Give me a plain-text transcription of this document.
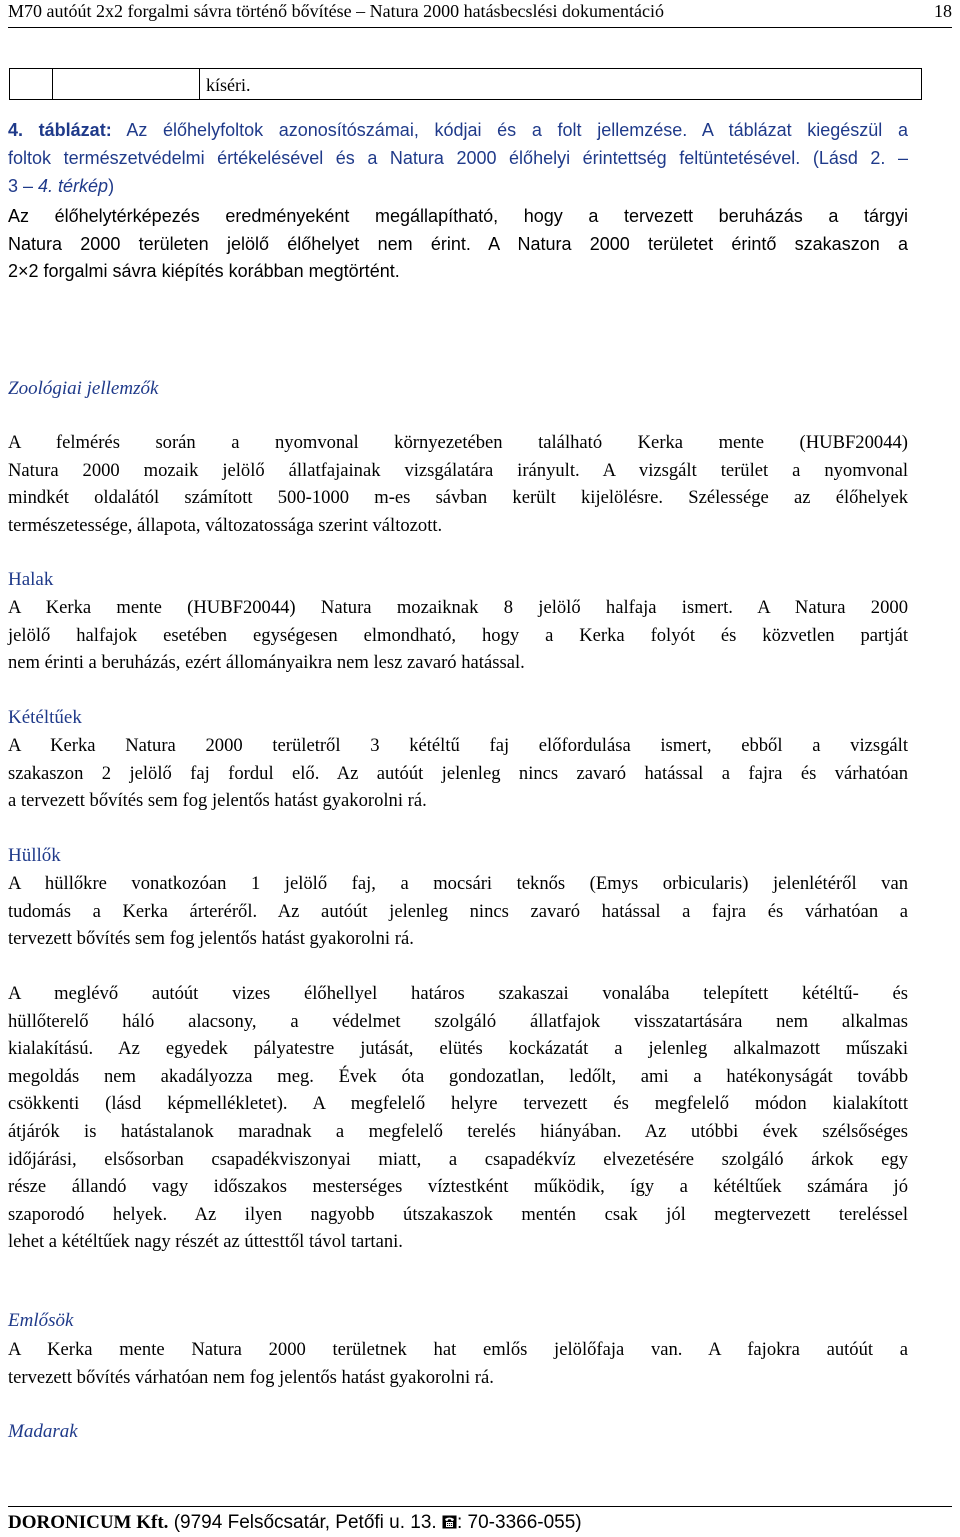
M70 autóút 2x2 forgalmi sávra történő bővítése – Natura 2000 hatásbecslési dokumentáció	18
		kíséri.
4. táblázat: Az élőhelyfoltok azonosítószámai, kódjai és a folt jellemzése. A táblázat kiegészül a
foltok természetvédelmi értékelésével és a Natura 2000 élőhelyi érintettség feltüntetésével. (Lásd 2. –
3 – 4. térkép)
Az élőhelytérképezés eredményeként megállapítható, hogy a tervezett beruházás a tárgyi
Natura 2000 területen jelölő élőhelyet nem érint. A Natura 2000 területet érintő szakaszon a
2×2 forgalmi sávra kiépítés korábban megtörtént.
Zoológiai jellemzők
A felmérés során a nyomvonal környezetében található Kerka mente (HUBF20044)
Natura 2000 mozaik jelölő állatfajainak vizsgálatára irányult. A vizsgált terület a nyomvonal
mindkét oldalától számított 500-1000 m-es sávban került kijelölésre. Szélessége az élőhelyek
természetessége, állapota, változatossága szerint változott.
Halak
A Kerka mente (HUBF20044) Natura mozaiknak 8 jelölő halfaja ismert. A Natura 2000
jelölő halfajok esetében egységesen elmondható, hogy a Kerka folyót és közvetlen partját
nem érinti a beruházás, ezért állományaikra nem lesz zavaró hatással.
Kétéltűek
A Kerka Natura 2000 területről 3 kétéltű faj előfordulása ismert, ebből a vizsgált
szakaszon 2 jelölő faj fordul elő. Az autóút jelenleg nincs zavaró hatással a fajra és várhatóan
a tervezett bővítés sem fog jelentős hatást gyakorolni rá.
Hüllők
A hüllőkre vonatkozóan 1 jelölő faj, a mocsári teknős (Emys orbicularis) jelenlétéről van
tudomás a Kerka árteréről. Az autóút jelenleg nincs zavaró hatással a fajra és várhatóan a
tervezett bővítés sem fog jelentős hatást gyakorolni rá.
A meglévő autóút vizes élőhellyel határos szakaszai vonalába telepített kétéltű- és
hüllőterelő háló alacsony, a védelmet szolgáló állatfajok visszatartására nem alkalmas
kialakítású. Az egyedek pályatestre jutását, elütés kockázatát a jelenleg alkalmazott műszaki
megoldás nem akadályozza meg. Évek óta gondozatlan, ledőlt, ami a hatékonyságát tovább
csökkenti (lásd képmellékletet). A megfelelő helyre tervezett és megfelelő módon kialakított
átjárók is hatástalanok maradnak a megfelelő terelés hiányában. Az utóbbi évek szélsőséges
időjárási, elsősorban csapadékviszonyai miatt, a csapadékvíz elvezetésére szolgáló árkok egy
része állandó vagy időszakos mesterséges víztestként működik, így a kétéltűek számára jó
szaporodó helyek. Az ilyen nagyobb útszakaszok mentén csak jól megtervezett tereléssel
lehet a kétéltűek nagy részét az úttesttől távol tartani.
Emlősök
A Kerka mente Natura 2000 területnek hat emlős jelölőfaja van. A fajokra autóút a
tervezett bővítés várhatóan nem fog jelentős hatást gyakorolni rá.
Madarak
DORONICUM Kft. (9794 Felsőcsatár, Petőfi u. 13. : 70-3366-055)
